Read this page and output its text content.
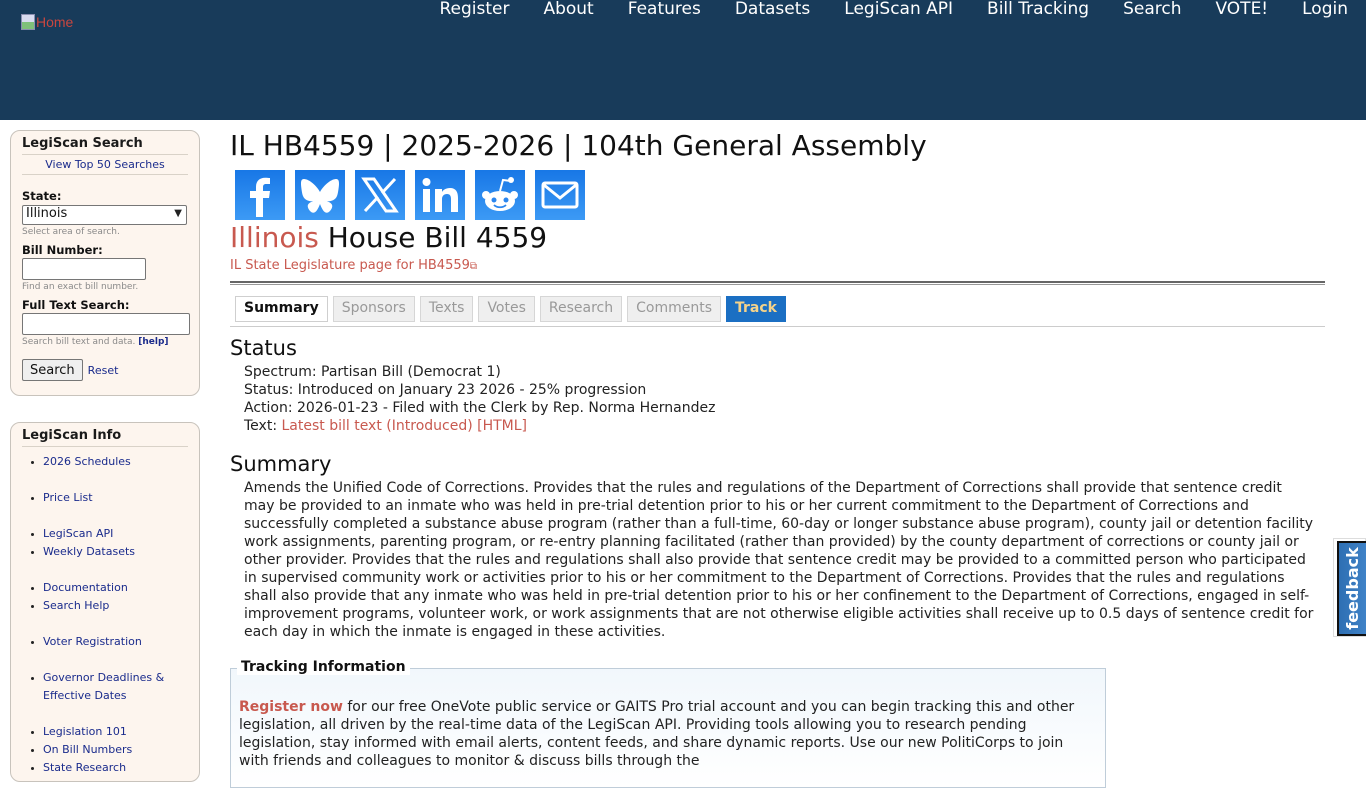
Home
Register	About	Features	Datasets	LegiScan API	Bill Tracking	Search	VOTE!	Login
LegiScan Search
View Top 50 Searches
State:
Illinois	▼
Select area of search.
Bill Number:
Find an exact bill number.
Full Text Search:
Search bill text and data. [help]
Search	Reset
LegiScan Info
2026 Schedules
Price List
LegiScan API
Weekly Datasets
Documentation
Search Help
Voter Registration
Governor Deadlines & Effective Dates
Legislation 101
On Bill Numbers
State Research
IL HB4559 | 2025-2026 | 104th General Assembly
Illinois House Bill 4559
IL State Legislature page for HB4559⧉
Summary	Sponsors	Texts	Votes	Research	Comments	Track
Status
Spectrum: Partisan Bill (Democrat 1)
Status: Introduced on January 23 2026 - 25% progression
Action: 2026-01-23 - Filed with the Clerk by Rep. Norma Hernandez
Text: Latest bill text (Introduced) [HTML]
Summary
Amends the Unified Code of Corrections. Provides that the rules and regulations of the Department of Corrections shall provide that sentence credit may be provided to an inmate who was held in pre-trial detention prior to his or her current commitment to the Department of Corrections and successfully completed a substance abuse program (rather than a full-time, 60-day or longer substance abuse program), county jail or detention facility work assignments, parenting program, or re-entry planning facilitated (rather than provided) by the county department of corrections or county jail or other provider. Provides that the rules and regulations shall also provide that sentence credit may be provided to a committed person who participated in supervised community work or activities prior to his or her commitment to the Department of Corrections. Provides that the rules and regulations shall also provide that any inmate who was held in pre-trial detention prior to his or her confinement to the Department of Corrections, engaged in self-improvement programs, volunteer work, or work assignments that are not otherwise eligible activities shall receive up to 0.5 days of sentence credit for each day in which the inmate is engaged in these activities.
Tracking Information
Register now for our free OneVote public service or GAITS Pro trial account and you can begin tracking this and other legislation, all driven by the real-time data of the LegiScan API. Providing tools allowing you to research pending legislation, stay informed with email alerts, content feeds, and share dynamic reports. Use our new PolitiCorps to join with friends and colleagues to monitor & discuss bills through the
feedback
